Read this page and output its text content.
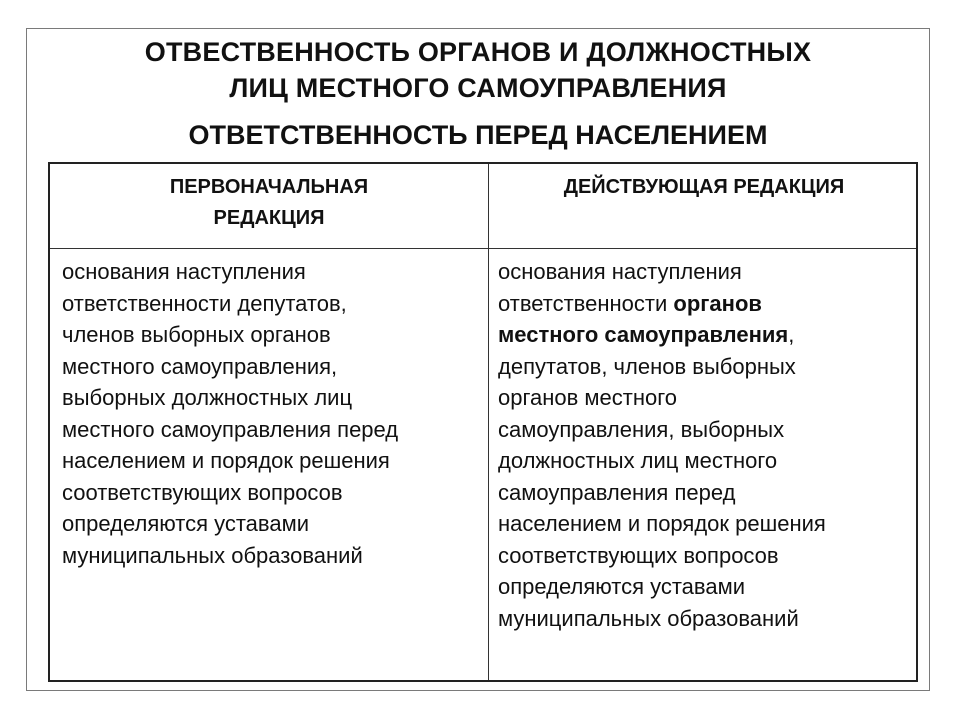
ОТВЕСТВЕННОСТЬ ОРГАНОВ И ДОЛЖНОСТНЫХ
ЛИЦ МЕСТНОГО САМОУПРАВЛЕНИЯ
ОТВЕТСТВЕННОСТЬ ПЕРЕД НАСЕЛЕНИЕМ
ПЕРВОНАЧАЛЬНАЯ
РЕДАКЦИЯ
ДЕЙСТВУЮЩАЯ РЕДАКЦИЯ
основания наступления
ответственности депутатов,
членов выборных органов
местного самоуправления,
выборных должностных лиц
местного самоуправления перед
населением и порядок решения
соответствующих вопросов
определяются уставами
муниципальных образований
основания наступления
ответственности органов
местного самоуправления,
депутатов, членов выборных
органов местного
самоуправления, выборных
должностных лиц местного
самоуправления перед
населением и порядок решения
соответствующих вопросов
определяются уставами
муниципальных образований
